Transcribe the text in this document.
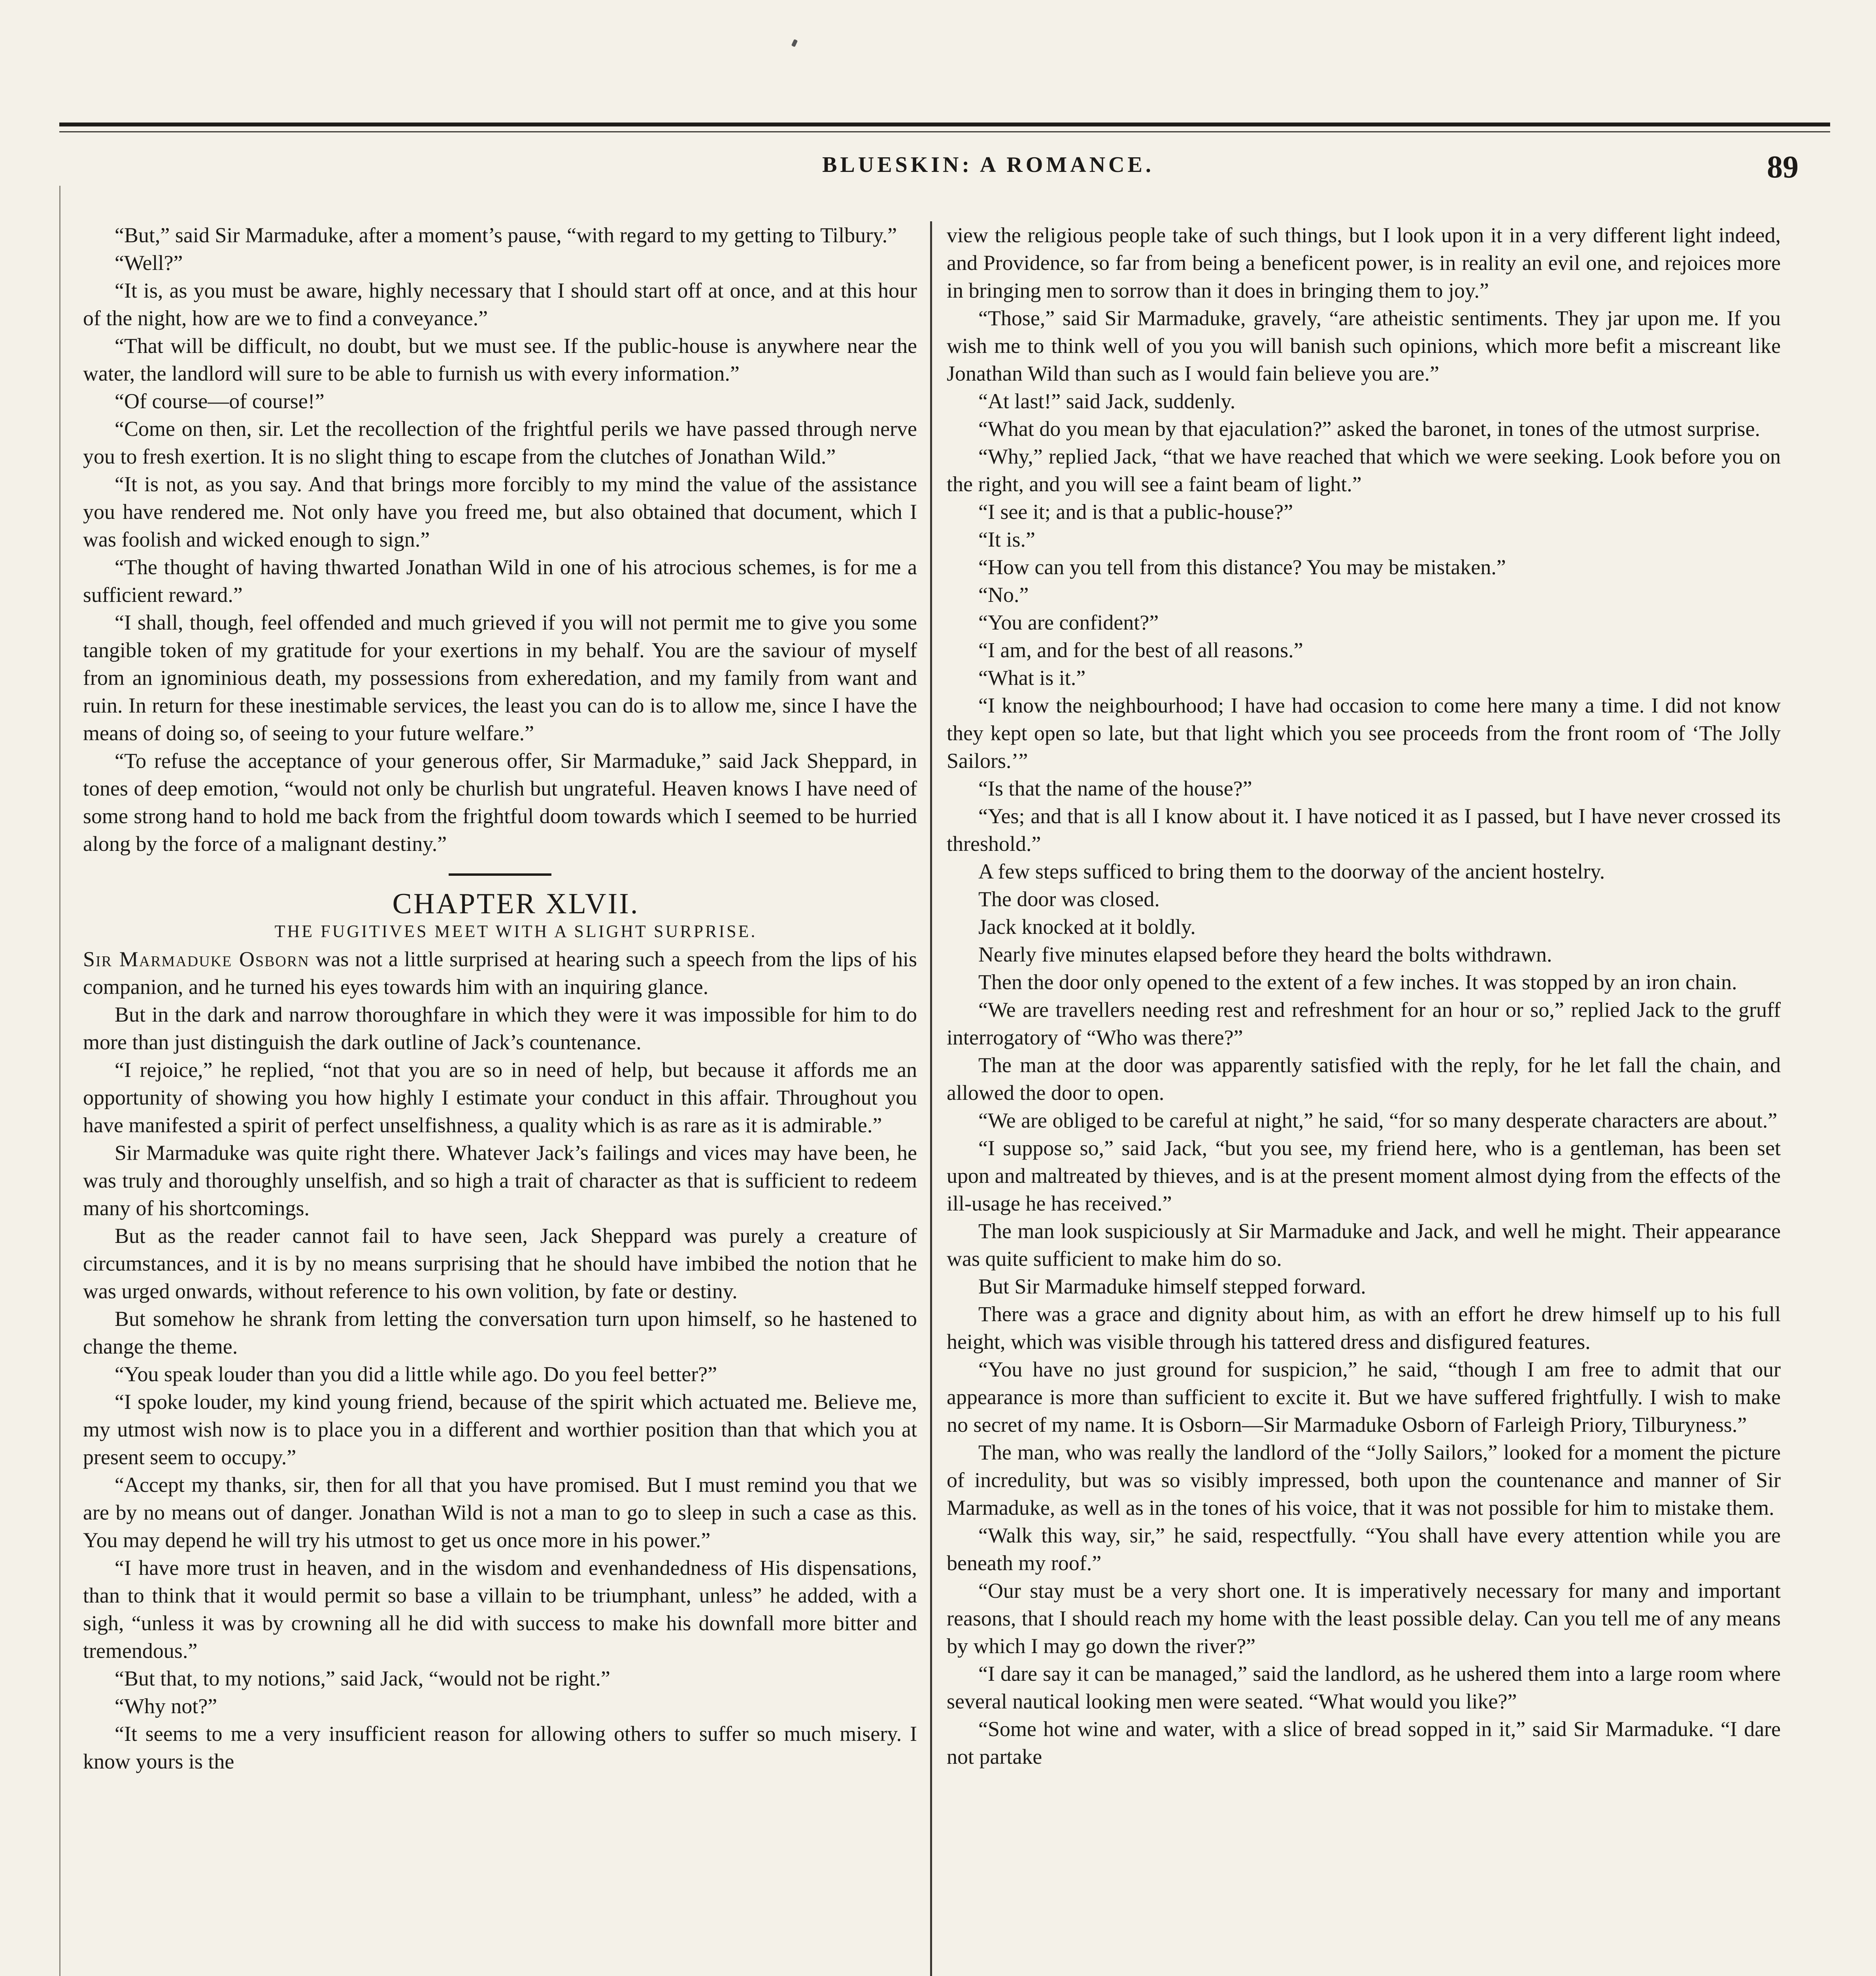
BLUESKIN: A ROMANCE.	89

“But,” said Sir Marmaduke, after a moment’s pause, “with regard to my getting to Tilbury.”

“Well?”

“It is, as you must be aware, highly necessary that I should start off at once, and at this hour of the night, how are we to find a conveyance.”

“That will be difficult, no doubt, but we must see. If the public-house is anywhere near the water, the landlord will sure to be able to furnish us with every information.”

“Of course—of course!”

“Come on then, sir. Let the recollection of the frightful perils we have passed through nerve you to fresh exertion. It is no slight thing to escape from the clutches of Jonathan Wild.”

“It is not, as you say. And that brings more forcibly to my mind the value of the assistance you have rendered me. Not only have you freed me, but also obtained that document, which I was foolish and wicked enough to sign.”

“The thought of having thwarted Jonathan Wild in one of his atrocious schemes, is for me a sufficient reward.”

“I shall, though, feel offended and much grieved if you will not permit me to give you some tangible token of my gratitude for your exertions in my behalf. You are the saviour of myself from an ignominious death, my possessions from exheredation, and my family from want and ruin. In return for these inestimable services, the least you can do is to allow me, since I have the means of doing so, of seeing to your future welfare.”

“To refuse the acceptance of your generous offer, Sir Marmaduke,” said Jack Sheppard, in tones of deep emotion, “would not only be churlish but ungrateful. Heaven knows I have need of some strong hand to hold me back from the frightful doom towards which I seemed to be hurried along by the force of a malignant destiny.”

CHAPTER XLVII.

THE FUGITIVES MEET WITH A SLIGHT SURPRISE.

Sir Marmaduke Osborn was not a little surprised at hearing such a speech from the lips of his companion, and he turned his eyes towards him with an inquiring glance.

But in the dark and narrow thoroughfare in which they were it was impossible for him to do more than just distinguish the dark outline of Jack’s countenance.

“I rejoice,” he replied, “not that you are so in need of help, but because it affords me an opportunity of showing you how highly I estimate your conduct in this affair. Throughout you have manifested a spirit of perfect unselfishness, a quality which is as rare as it is admirable.”

Sir Marmaduke was quite right there. Whatever Jack’s failings and vices may have been, he was truly and thoroughly unselfish, and so high a trait of character as that is sufficient to redeem many of his shortcomings.

But as the reader cannot fail to have seen, Jack Sheppard was purely a creature of circumstances, and it is by no means surprising that he should have imbibed the notion that he was urged onwards, without reference to his own volition, by fate or destiny.

But somehow he shrank from letting the conversation turn upon himself, so he hastened to change the theme.

“You speak louder than you did a little while ago. Do you feel better?”

“I spoke louder, my kind young friend, because of the spirit which actuated me. Believe me, my utmost wish now is to place you in a different and worthier position than that which you at present seem to occupy.”

“Accept my thanks, sir, then for all that you have promised. But I must remind you that we are by no means out of danger. Jonathan Wild is not a man to go to sleep in such a case as this. You may depend he will try his utmost to get us once more in his power.”

“I have more trust in heaven, and in the wisdom and evenhandedness of His dispensations, than to think that it would permit so base a villain to be triumphant, unless” he added, with a sigh, “unless it was by crowning all he did with success to make his downfall more bitter and tremendous.”

“But that, to my notions,” said Jack, “would not be right.”

“Why not?”

“It seems to me a very insufficient reason for allowing others to suffer so much misery. I know yours is the

view the religious people take of such things, but I look upon it in a very different light indeed, and Providence, so far from being a beneficent power, is in reality an evil one, and rejoices more in bringing men to sorrow than it does in bringing them to joy.”

“Those,” said Sir Marmaduke, gravely, “are atheistic sentiments. They jar upon me. If you wish me to think well of you you will banish such opinions, which more befit a miscreant like Jonathan Wild than such as I would fain believe you are.”

“At last!” said Jack, suddenly.

“What do you mean by that ejaculation?” asked the baronet, in tones of the utmost surprise.

“Why,” replied Jack, “that we have reached that which we were seeking. Look before you on the right, and you will see a faint beam of light.”

“I see it; and is that a public-house?”

“It is.”

“How can you tell from this distance? You may be mistaken.”

“No.”

“You are confident?”

“I am, and for the best of all reasons.”

“What is it.”

“I know the neighbourhood; I have had occasion to come here many a time. I did not know they kept open so late, but that light which you see proceeds from the front room of ‘The Jolly Sailors.’”

“Is that the name of the house?”

“Yes; and that is all I know about it. I have noticed it as I passed, but I have never crossed its threshold.”

A few steps sufficed to bring them to the doorway of the ancient hostelry.

The door was closed.

Jack knocked at it boldly.

Nearly five minutes elapsed before they heard the bolts withdrawn.

Then the door only opened to the extent of a few inches. It was stopped by an iron chain.

“We are travellers needing rest and refreshment for an hour or so,” replied Jack to the gruff interrogatory of “Who was there?”

The man at the door was apparently satisfied with the reply, for he let fall the chain, and allowed the door to open.

“We are obliged to be careful at night,” he said, “for so many desperate characters are about.”

“I suppose so,” said Jack, “but you see, my friend here, who is a gentleman, has been set upon and maltreated by thieves, and is at the present moment almost dying from the effects of the ill-usage he has received.”

The man look suspiciously at Sir Marmaduke and Jack, and well he might. Their appearance was quite sufficient to make him do so.

But Sir Marmaduke himself stepped forward.

There was a grace and dignity about him, as with an effort he drew himself up to his full height, which was visible through his tattered dress and disfigured features.

“You have no just ground for suspicion,” he said, “though I am free to admit that our appearance is more than sufficient to excite it. But we have suffered frightfully. I wish to make no secret of my name. It is Osborn—Sir Marmaduke Osborn of Farleigh Priory, Tilburyness.”

The man, who was really the landlord of the “Jolly Sailors,” looked for a moment the picture of incredulity, but was so visibly impressed, both upon the countenance and manner of Sir Marmaduke, as well as in the tones of his voice, that it was not possible for him to mistake them.

“Walk this way, sir,” he said, respectfully. “You shall have every attention while you are beneath my roof.”

“Our stay must be a very short one. It is imperatively necessary for many and important reasons, that I should reach my home with the least possible delay. Can you tell me of any means by which I may go down the river?”

“I dare say it can be managed,” said the landlord, as he ushered them into a large room where several nautical looking men were seated. “What would you like?”

“Some hot wine and water, with a slice of bread sopped in it,” said Sir Marmaduke. “I dare not partake
